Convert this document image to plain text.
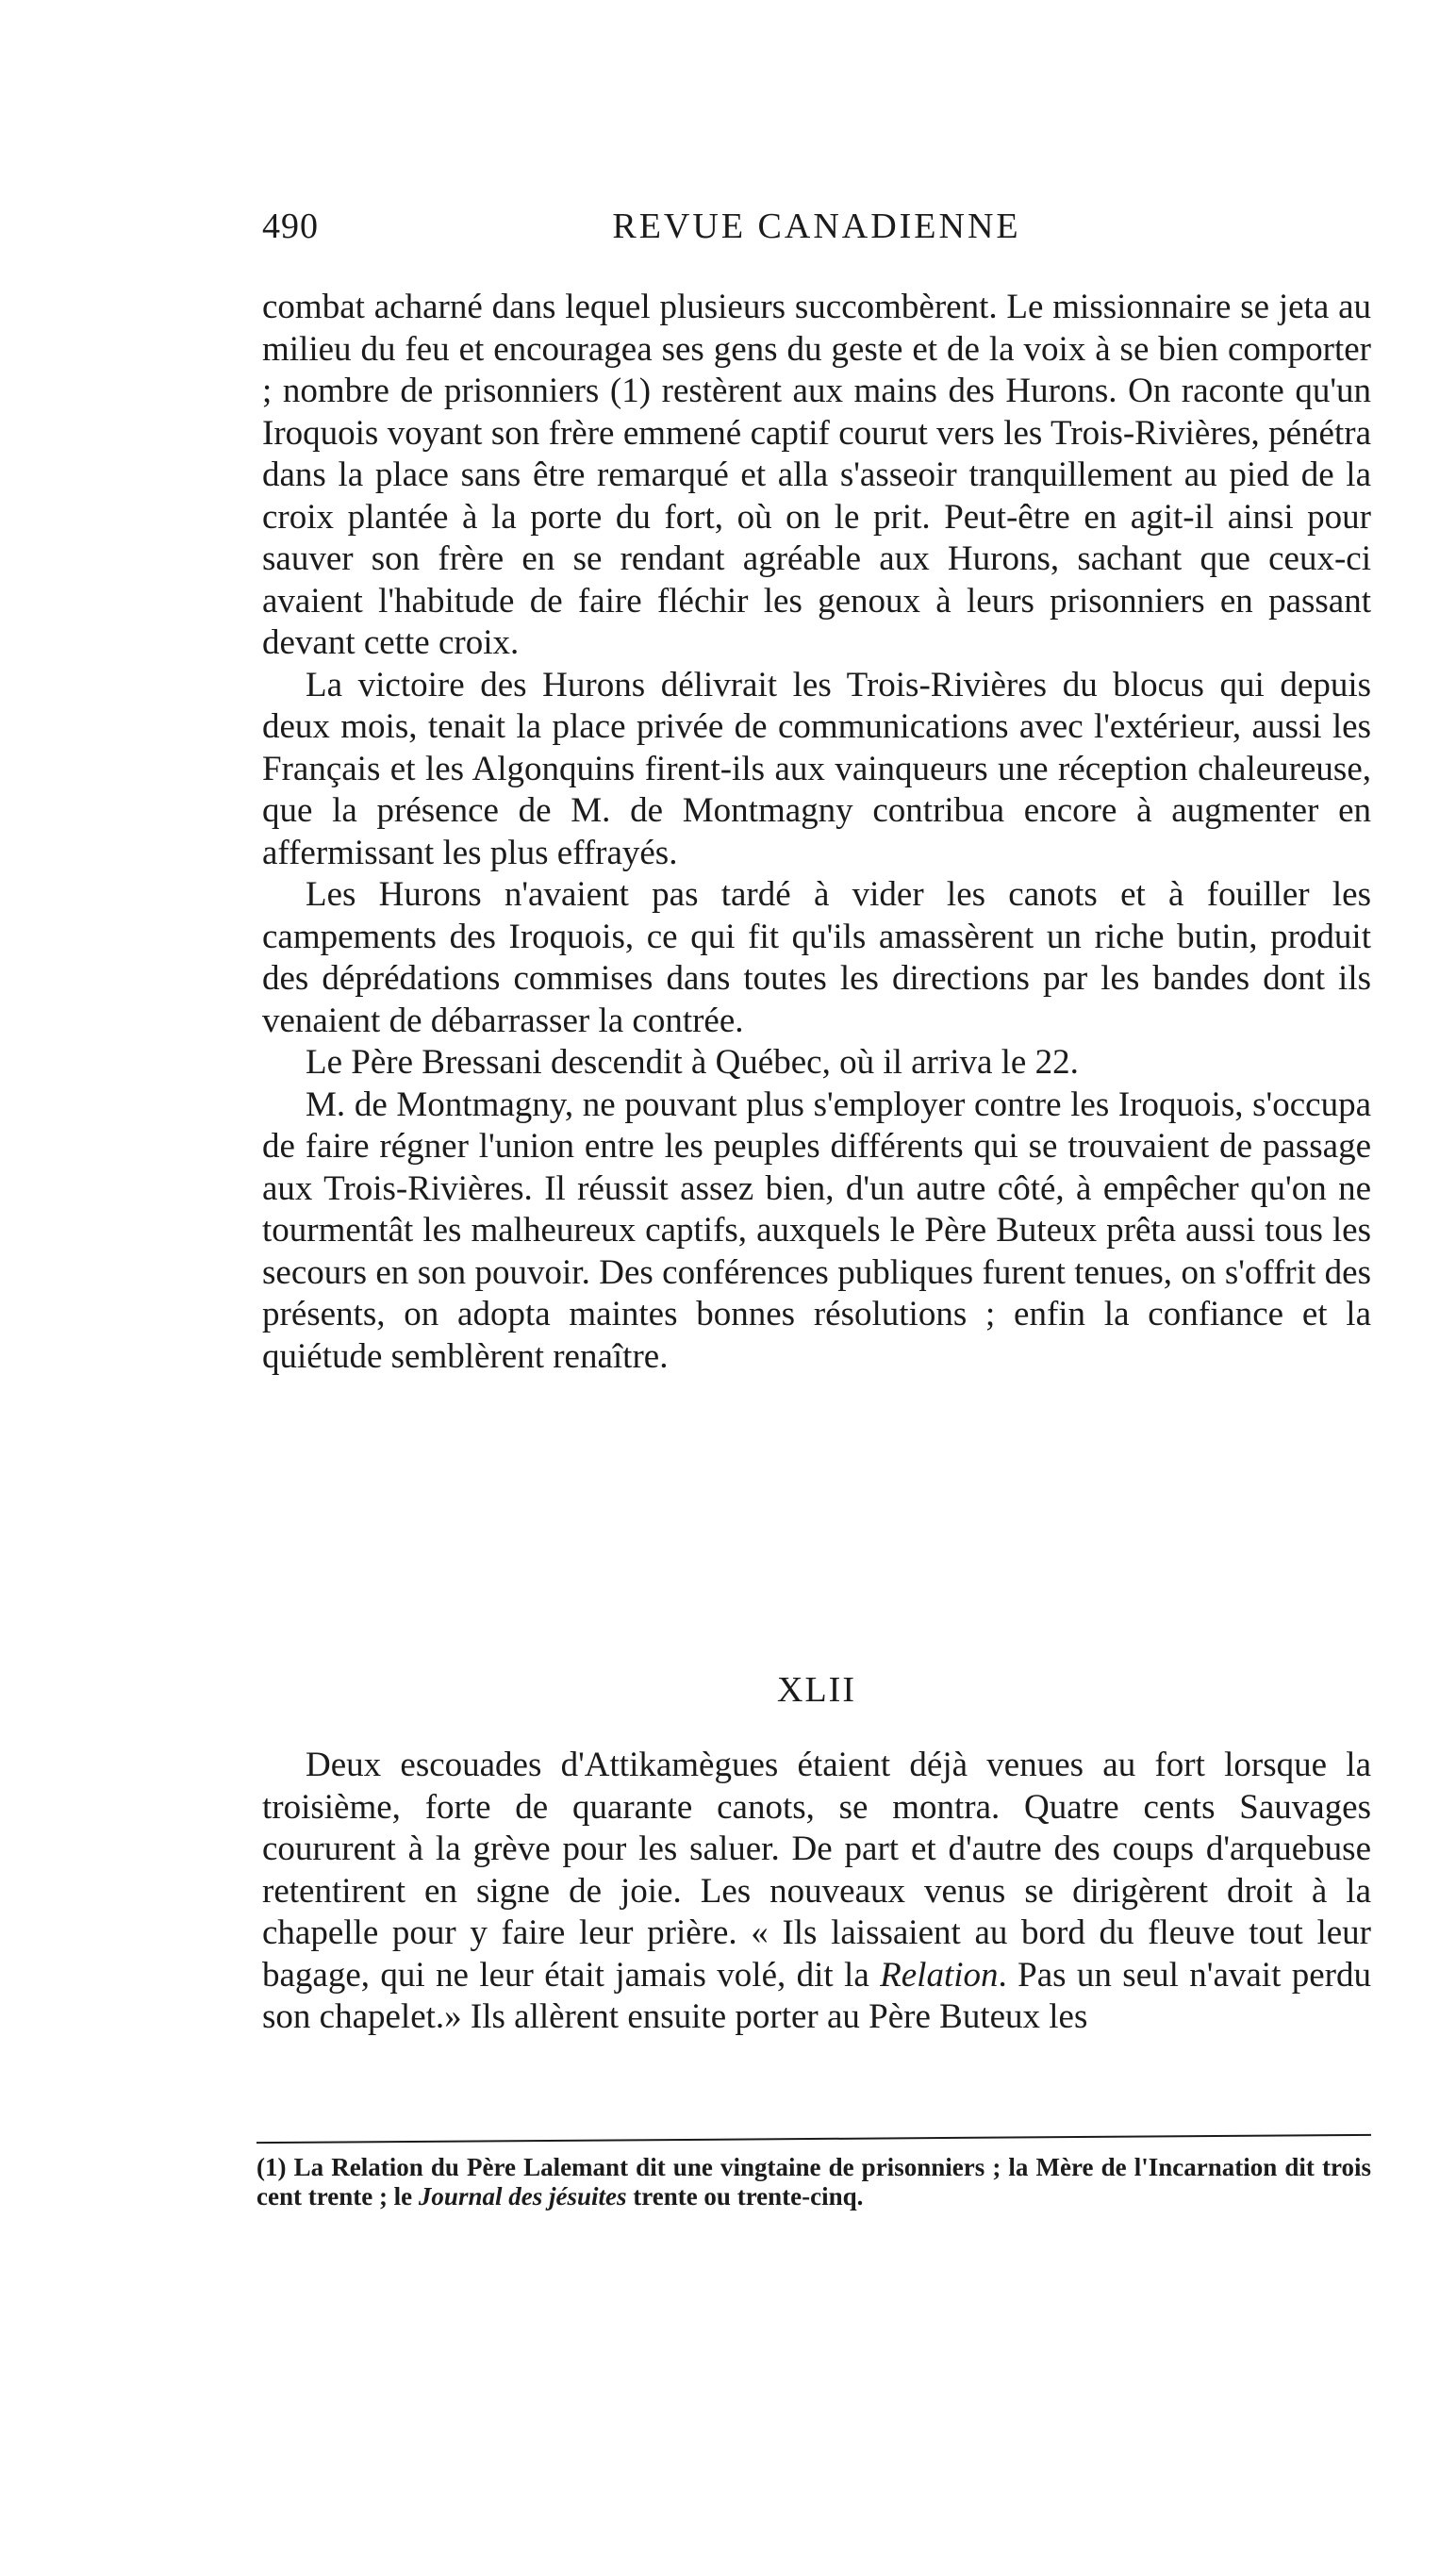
490	REVUE CANADIENNE

combat acharné dans lequel plusieurs succombèrent. Le missionnaire se jeta au milieu du feu et encouragea ses gens du geste et de la voix à se bien comporter ; nombre de prisonniers (1) restèrent aux mains des Hurons. On raconte qu'un Iroquois voyant son frère emmené captif courut vers les Trois-Rivières, pénétra dans la place sans être remarqué et alla s'asseoir tranquillement au pied de la croix plantée à la porte du fort, où on le prit. Peut-être en agit-il ainsi pour sauver son frère en se rendant agréable aux Hurons, sachant que ceux-ci avaient l'habitude de faire fléchir les genoux à leurs prisonniers en passant devant cette croix.

La victoire des Hurons délivrait les Trois-Rivières du blocus qui depuis deux mois, tenait la place privée de communications avec l'extérieur, aussi les Français et les Algonquins firent-ils aux vainqueurs une réception chaleureuse, que la présence de M. de Montmagny contribua encore à augmenter en affermissant les plus effrayés.

Les Hurons n'avaient pas tardé à vider les canots et à fouiller les campements des Iroquois, ce qui fit qu'ils amassèrent un riche butin, produit des déprédations commises dans toutes les directions par les bandes dont ils venaient de débarrasser la contrée.

Le Père Bressani descendit à Québec, où il arriva le 22.

M. de Montmagny, ne pouvant plus s'employer contre les Iroquois, s'occupa de faire régner l'union entre les peuples différents qui se trouvaient de passage aux Trois-Rivières. Il réussit assez bien, d'un autre côté, à empêcher qu'on ne tourmentât les malheureux captifs, auxquels le Père Buteux prêta aussi tous les secours en son pouvoir. Des conférences publiques furent tenues, on s'offrit des présents, on adopta maintes bonnes résolutions ; enfin la confiance et la quiétude semblèrent renaître.

XLII

Deux escouades d'Attikamègues étaient déjà venues au fort lorsque la troisième, forte de quarante canots, se montra. Quatre cents Sauvages coururent à la grève pour les saluer. De part et d'autre des coups d'arquebuse retentirent en signe de joie. Les nouveaux venus se dirigèrent droit à la chapelle pour y faire leur prière. « Ils laissaient au bord du fleuve tout leur bagage, qui ne leur était jamais volé, dit la Relation. Pas un seul n'avait perdu son chapelet.» Ils allèrent ensuite porter au Père Buteux les

(1) La Relation du Père Lalemant dit une vingtaine de prisonniers ; la Mère de l'Incarnation dit trois cent trente ; le Journal des jésuites trente ou trente-cinq.
